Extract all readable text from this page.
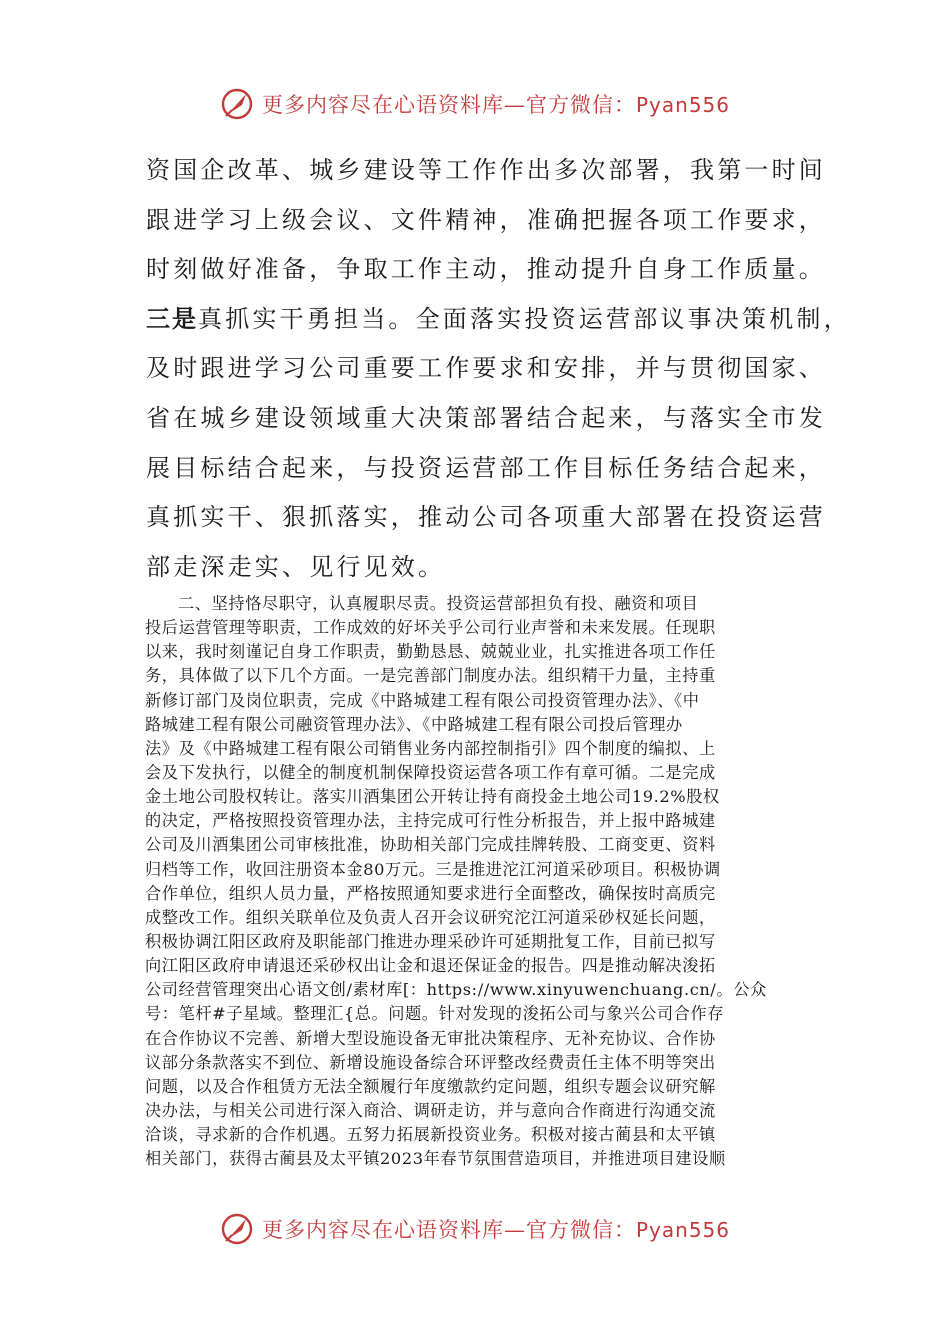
更多内容尽在心语资料库—官方微信：Pyan556
资国企改革、城乡建设等工作作出多次部署，我第一时间
跟进学习上级会议、文件精神，准确把握各项工作要求，
时刻做好准备，争取工作主动，推动提升自身工作质量。
三是真抓实干勇担当。全面落实投资运营部议事决策机制，
及时跟进学习公司重要工作要求和安排，并与贯彻国家、
省在城乡建设领域重大决策部署结合起来，与落实全市发
展目标结合起来，与投资运营部工作目标任务结合起来，
真抓实干、狠抓落实，推动公司各项重大部署在投资运营
部走深走实、见行见效。
二、坚持恪尽职守，认真履职尽责。投资运营部担负有投、融资和项目
投后运营管理等职责，工作成效的好坏关乎公司行业声誉和未来发展。任现职
以来，我时刻谨记自身工作职责，勤勤恳恳、兢兢业业，扎实推进各项工作任
务，具体做了以下几个方面。一是完善部门制度办法。组织精干力量，主持重
新修订部门及岗位职责，完成《中路城建工程有限公司投资管理办法》、《中
路城建工程有限公司融资管理办法》、《中路城建工程有限公司投后管理办
法》及《中路城建工程有限公司销售业务内部控制指引》四个制度的编拟、上
会及下发执行，以健全的制度机制保障投资运营各项工作有章可循。二是完成
金土地公司股权转让。落实川酒集团公开转让持有商投金土地公司19.2%股权
的决定，严格按照投资管理办法，主持完成可行性分析报告，并上报中路城建
公司及川酒集团公司审核批准，协助相关部门完成挂牌转股、工商变更、资料
归档等工作，收回注册资本金80万元。三是推进沱江河道采砂项目。积极协调
合作单位，组织人员力量，严格按照通知要求进行全面整改，确保按时高质完
成整改工作。组织关联单位及负责人召开会议研究沱江河道采砂权延长问题，
积极协调江阳区政府及职能部门推进办理采砂许可延期批复工作，目前已拟写
向江阳区政府申请退还采砂权出让金和退还保证金的报告。四是推动解决浚拓
公司经营管理突出心语文创/素材库[：https://www.xinyuwenchuang.cn/。公众
号：笔杆#子星域。整理汇{总。问题。针对发现的浚拓公司与象兴公司合作存
在合作协议不完善、新增大型设施设备无审批决策程序、无补充协议、合作协
议部分条款落实不到位、新增设施设备综合环评整改经费责任主体不明等突出
问题，以及合作租赁方无法全额履行年度缴款约定问题，组织专题会议研究解
决办法，与相关公司进行深入商洽、调研走访，并与意向合作商进行沟通交流
洽谈，寻求新的合作机遇。五努力拓展新投资业务。积极对接古蔺县和太平镇
相关部门，获得古蔺县及太平镇2023年春节氛围营造项目，并推进项目建设顺
更多内容尽在心语资料库—官方微信：Pyan556
